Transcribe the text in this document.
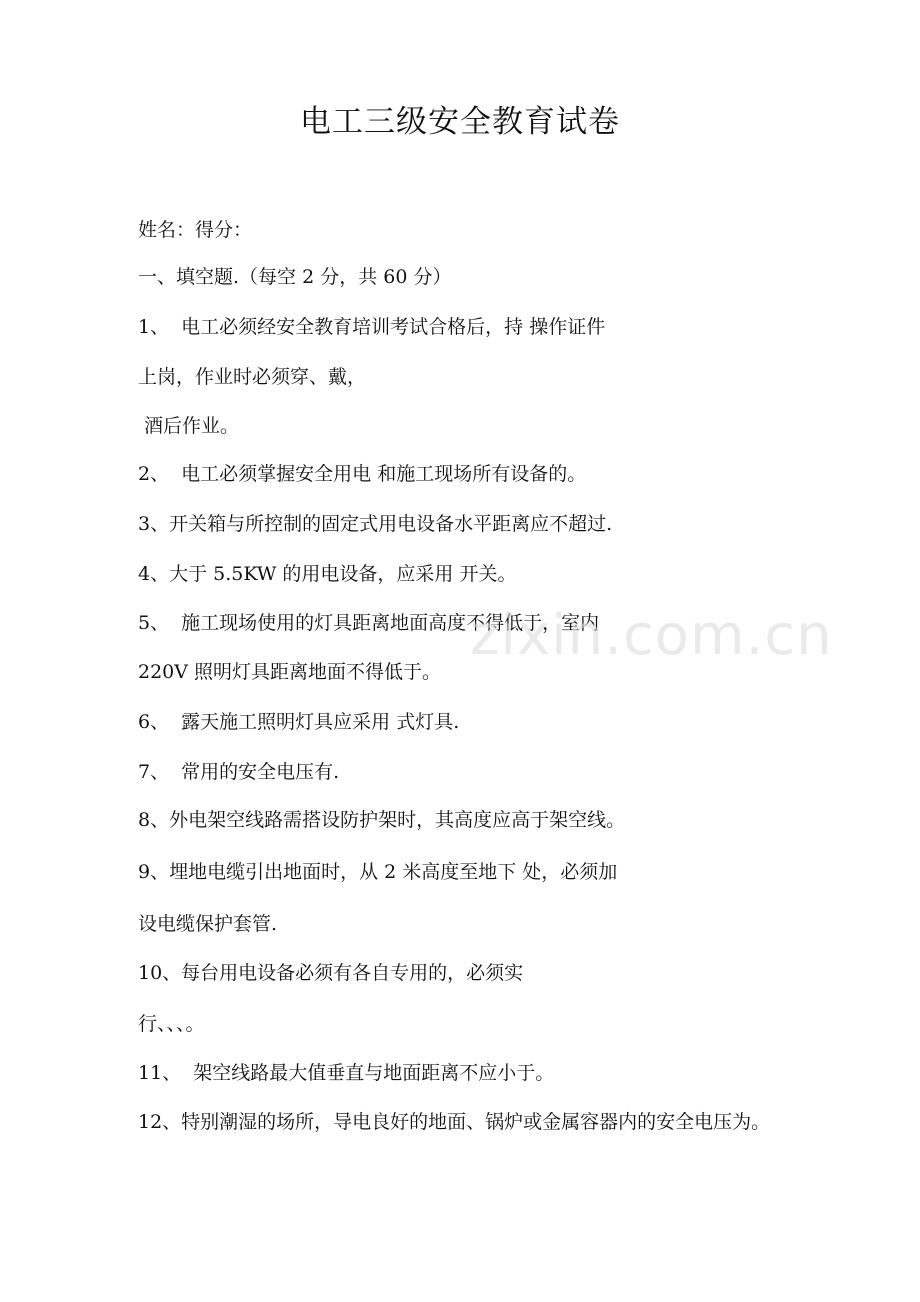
电工三级安全教育试卷
姓名：得分：
一、填空题.（每空 2 分，共 60 分）
1、  电工必须经安全教育培训考试合格后，持 操作证件
上岗，作业时必须穿、戴，
酒后作业。
2、  电工必须掌握安全用电 和施工现场所有设备的。
3、开关箱与所控制的固定式用电设备水平距离应不超过.
4、大于 5.5KW 的用电设备，应采用 开关。
5、  施工现场使用的灯具距离地面高度不得低于，室内
220V 照明灯具距离地面不得低于。
6、  露天施工照明灯具应采用 式灯具.
7、  常用的安全电压有.
8、外电架空线路需搭设防护架时，其高度应高于架空线。
9、埋地电缆引出地面时，从 2 米高度至地下 处，必须加
设电缆保护套管.
10、每台用电设备必须有各自专用的，必须实
行、、、。
11、  架空线路最大值垂直与地面距离不应小于。
12、特别潮湿的场所，导电良好的地面、锅炉或金属容器内的安全电压为。
zixin.com.cn
